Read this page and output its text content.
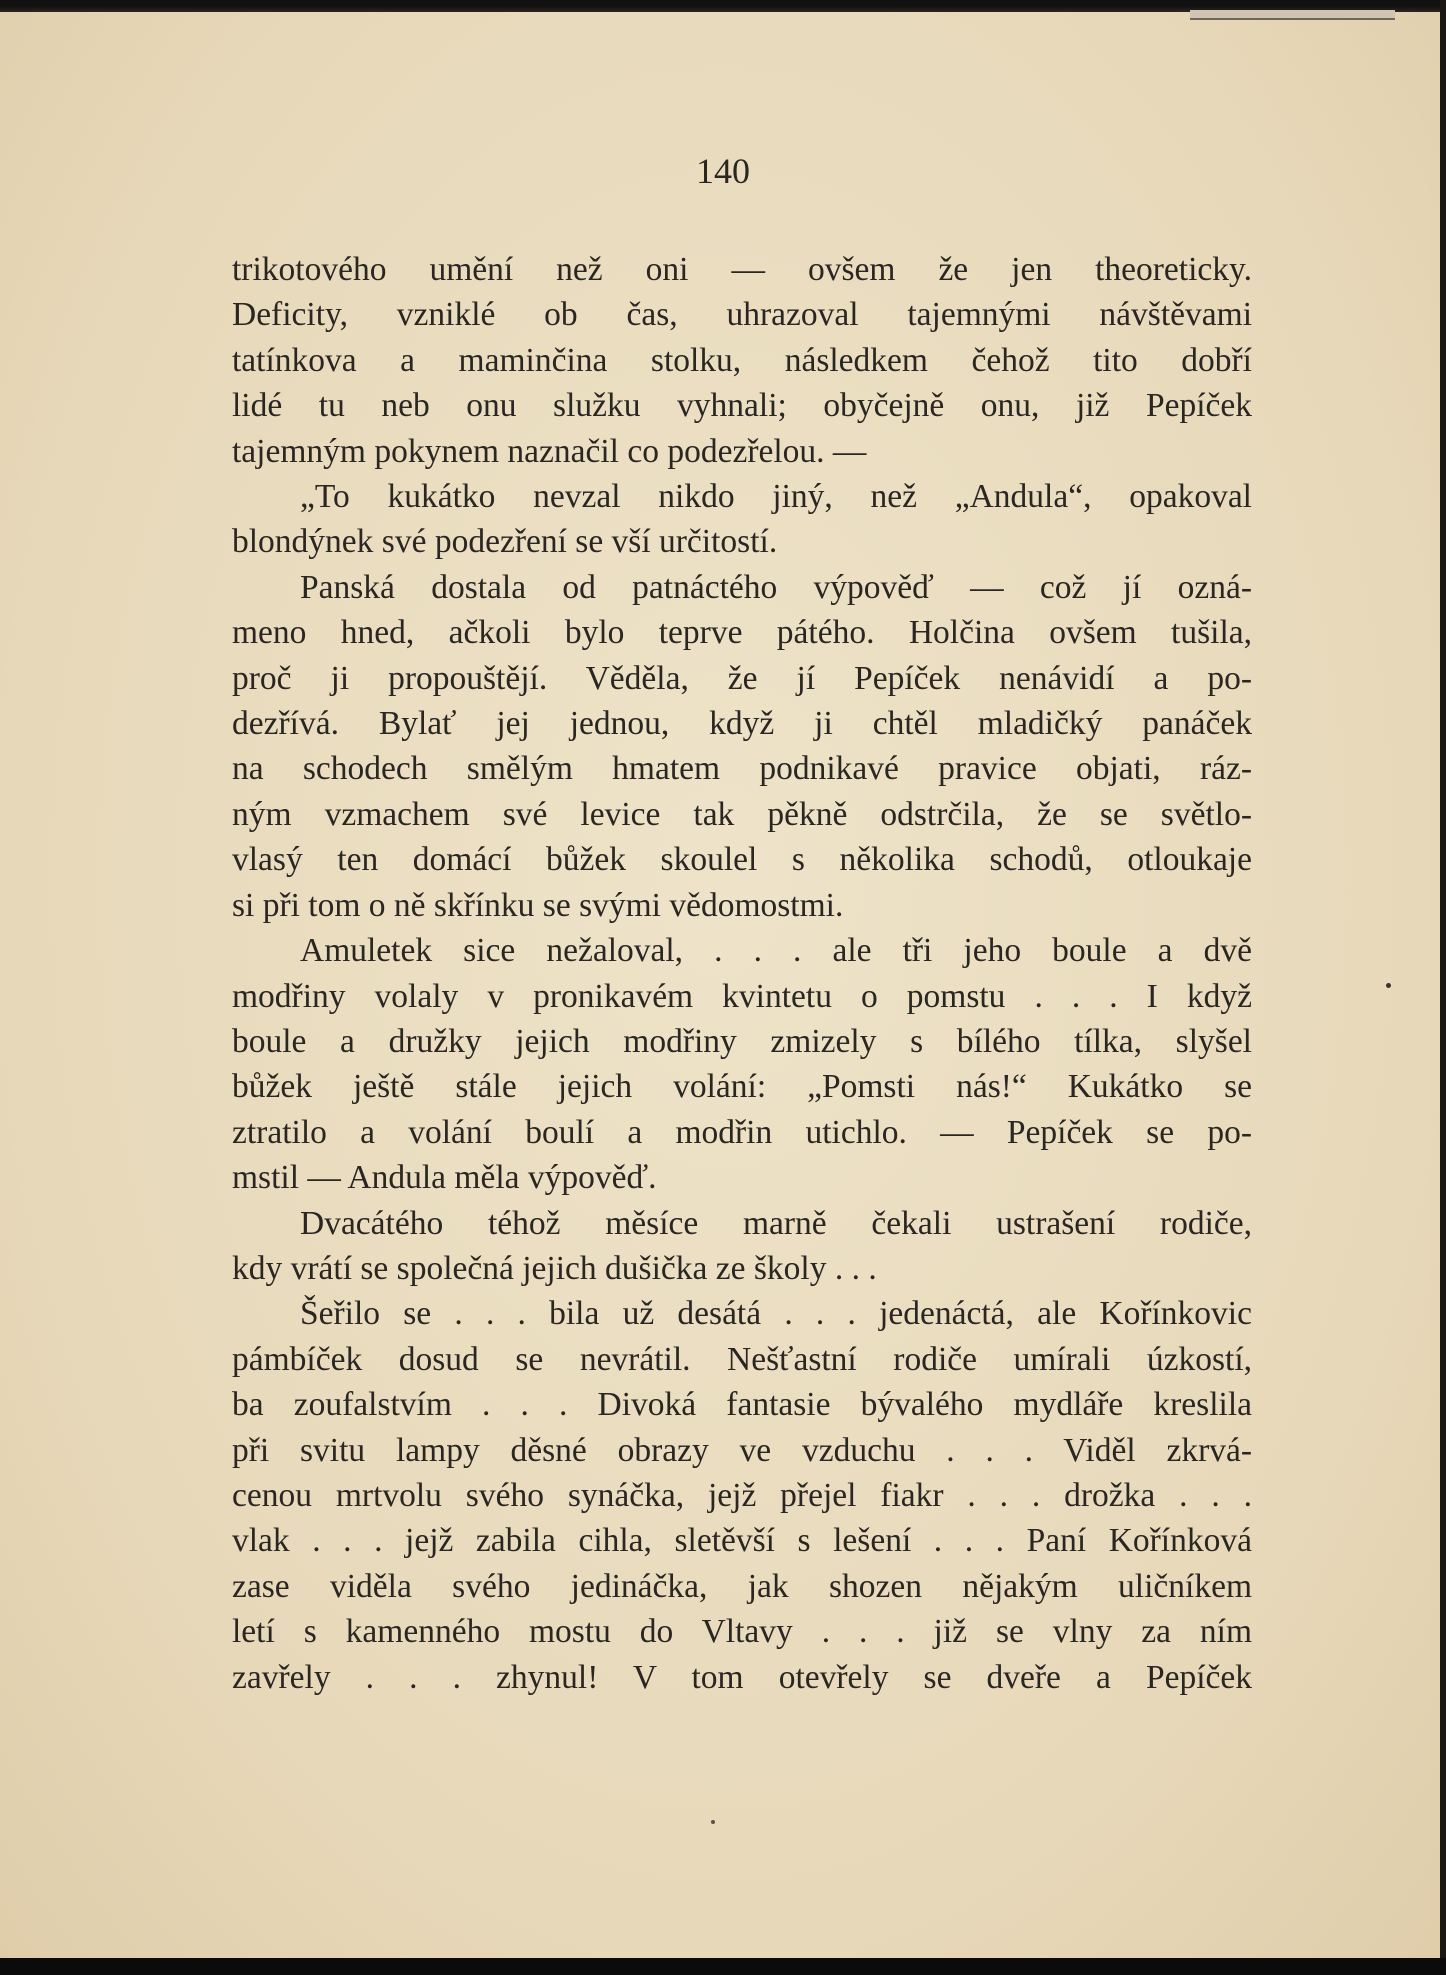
140
trikotového umění než oni — ovšem že jen theoreticky.
Deficity, vzniklé ob čas, uhrazoval tajemnými návštěvami
tatínkova a maminčina stolku, následkem čehož tito dobří
lidé tu neb onu služku vyhnali; obyčejně onu, již Pepíček
tajemným pokynem naznačil co podezřelou. —
„To kukátko nevzal nikdo jiný, než „Andula“, opakoval
blondýnek své podezření se vší určitostí.
Panská dostala od patnáctého výpověď — což jí ozná-
meno hned, ačkoli bylo teprve pátého. Holčina ovšem tušila,
proč ji propouštějí. Věděla, že jí Pepíček nenávidí a po-
dezřívá. Bylať jej jednou, když ji chtěl mladičký panáček
na schodech smělým hmatem podnikavé pravice objati, ráz-
ným vzmachem své levice tak pěkně odstrčila, že se světlo-
vlasý ten domácí bůžek skoulel s několika schodů, otloukaje
si při tom o ně skřínku se svými vědomostmi.
Amuletek sice nežaloval, . . . ale tři jeho boule a dvě
modřiny volaly v pronikavém kvintetu o pomstu . . . I když
boule a družky jejich modřiny zmizely s bílého tílka, slyšel
bůžek ještě stále jejich volání: „Pomsti nás!“ Kukátko se
ztratilo a volání boulí a modřin utichlo. — Pepíček se po-
mstil — Andula měla výpověď.
Dvacátého téhož měsíce marně čekali ustrašení rodiče,
kdy vrátí se společná jejich dušička ze školy . . .
Šeřilo se . . . bila už desátá . . . jedenáctá, ale Kořínkovic
pámbíček dosud se nevrátil. Nešťastní rodiče umírali úzkostí,
ba zoufalstvím . . . Divoká fantasie bývalého mydláře kreslila
při svitu lampy děsné obrazy ve vzduchu . . . Viděl zkrvá-
cenou mrtvolu svého synáčka, jejž přejel fiakr . . . drožka . . .
vlak . . . jejž zabila cihla, sletěvší s lešení . . . Paní Kořínková
zase viděla svého jedináčka, jak shozen nějakým uličníkem
letí s kamenného mostu do Vltavy . . . již se vlny za ním
zavřely . . . zhynul! V tom otevřely se dveře a Pepíček
